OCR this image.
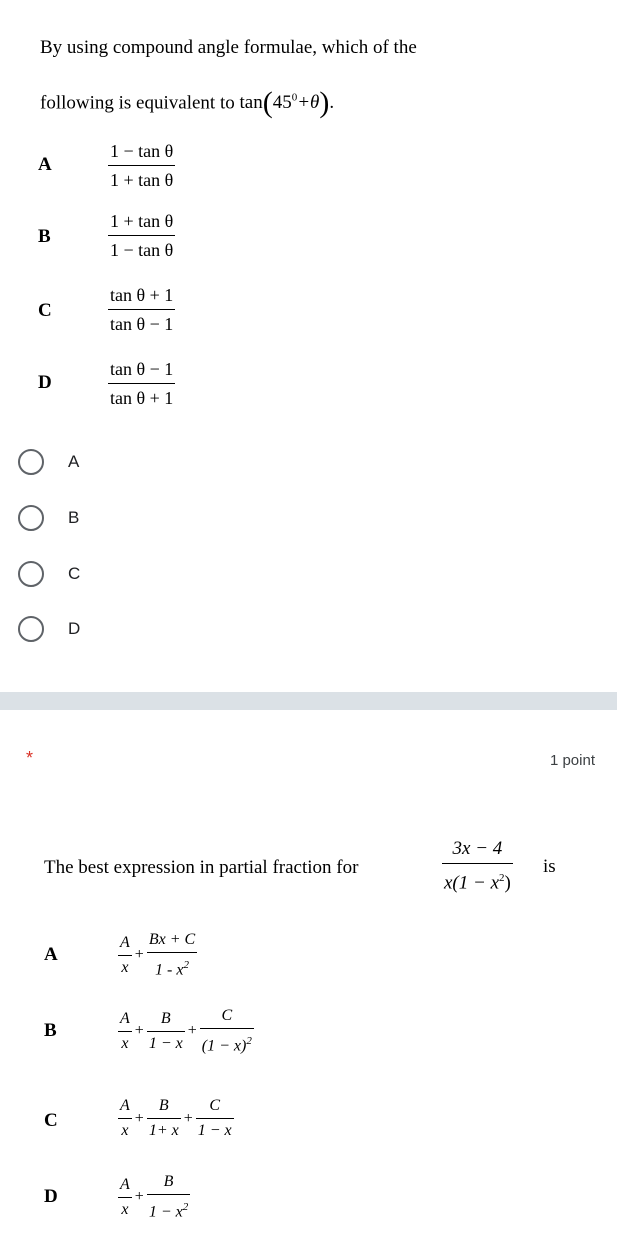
By using compound angle formulae, which of the
following is equivalent to $\tan(45^0+\theta)$.
A
1 − tan θ
1 + tan θ
B
1 + tan θ
1 − tan θ
C
tan θ + 1
tan θ − 1
D
tan θ − 1
tan θ + 1
A
B
C
D
*	1 point
The best expression in partial fraction for
3x − 4
$x(1 - x^2)$
is
A	$\frac{A}{x} + \frac{Bx + C}{1 - x^2}$
B	$\frac{A}{x} + \frac{B}{1 - x} + \frac{C}{(1 - x)^2}$
C	$\frac{A}{x} + \frac{B}{1+ x} + \frac{C}{1 - x}$
D	$\frac{A}{x} + \frac{B}{1 - x^2}$
